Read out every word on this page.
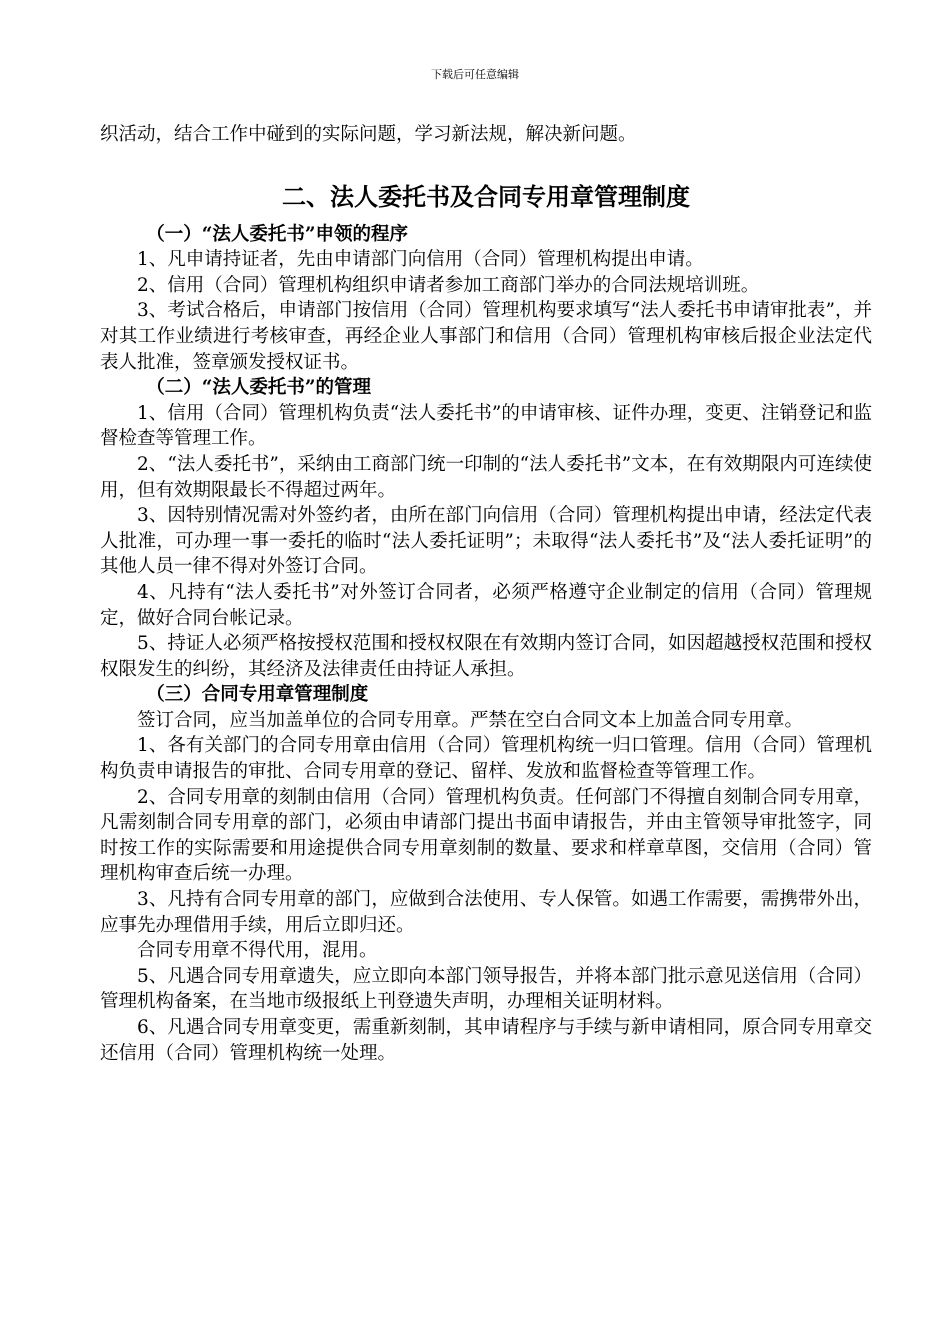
下载后可任意编辑

织活动，结合工作中碰到的实际问题，学习新法规，解决新问题。

二、法人委托书及合同专用章管理制度

（一）“法人委托书”申领的程序

1、凡申请持证者，先由申请部门向信用（合同）管理机构提出申请。

2、信用（合同）管理机构组织申请者参加工商部门举办的合同法规培训班。

3、考试合格后，申请部门按信用（合同）管理机构要求填写“法人委托书申请审批表”，并对其工作业绩进行考核审查，再经企业人事部门和信用（合同）管理机构审核后报企业法定代表人批准，签章颁发授权证书。

（二）“法人委托书”的管理

1、信用（合同）管理机构负责“法人委托书”的申请审核、证件办理，变更、注销登记和监督检查等管理工作。

2、“法人委托书”，采纳由工商部门统一印制的“法人委托书”文本，在有效期限内可连续使用，但有效期限最长不得超过两年。

3、因特别情况需对外签约者，由所在部门向信用（合同）管理机构提出申请，经法定代表人批准，可办理一事一委托的临时“法人委托证明”；未取得“法人委托书”及“法人委托证明”的其他人员一律不得对外签订合同。

4、凡持有“法人委托书”对外签订合同者，必须严格遵守企业制定的信用（合同）管理规定，做好合同台帐记录。

5、持证人必须严格按授权范围和授权权限在有效期内签订合同，如因超越授权范围和授权权限发生的纠纷，其经济及法律责任由持证人承担。

（三）合同专用章管理制度

签订合同，应当加盖单位的合同专用章。严禁在空白合同文本上加盖合同专用章。

1、各有关部门的合同专用章由信用（合同）管理机构统一归口管理。信用（合同）管理机构负责申请报告的审批、合同专用章的登记、留样、发放和监督检查等管理工作。

2、合同专用章的刻制由信用（合同）管理机构负责。任何部门不得擅自刻制合同专用章，凡需刻制合同专用章的部门，必须由申请部门提出书面申请报告，并由主管领导审批签字，同时按工作的实际需要和用途提供合同专用章刻制的数量、要求和样章草图，交信用（合同）管理机构审查后统一办理。

3、凡持有合同专用章的部门，应做到合法使用、专人保管。如遇工作需要，需携带外出，应事先办理借用手续，用后立即归还。

合同专用章不得代用，混用。

5、凡遇合同专用章遗失，应立即向本部门领导报告，并将本部门批示意见送信用（合同）管理机构备案，在当地市级报纸上刊登遗失声明，办理相关证明材料。

6、凡遇合同专用章变更，需重新刻制，其申请程序与手续与新申请相同，原合同专用章交还信用（合同）管理机构统一处理。
